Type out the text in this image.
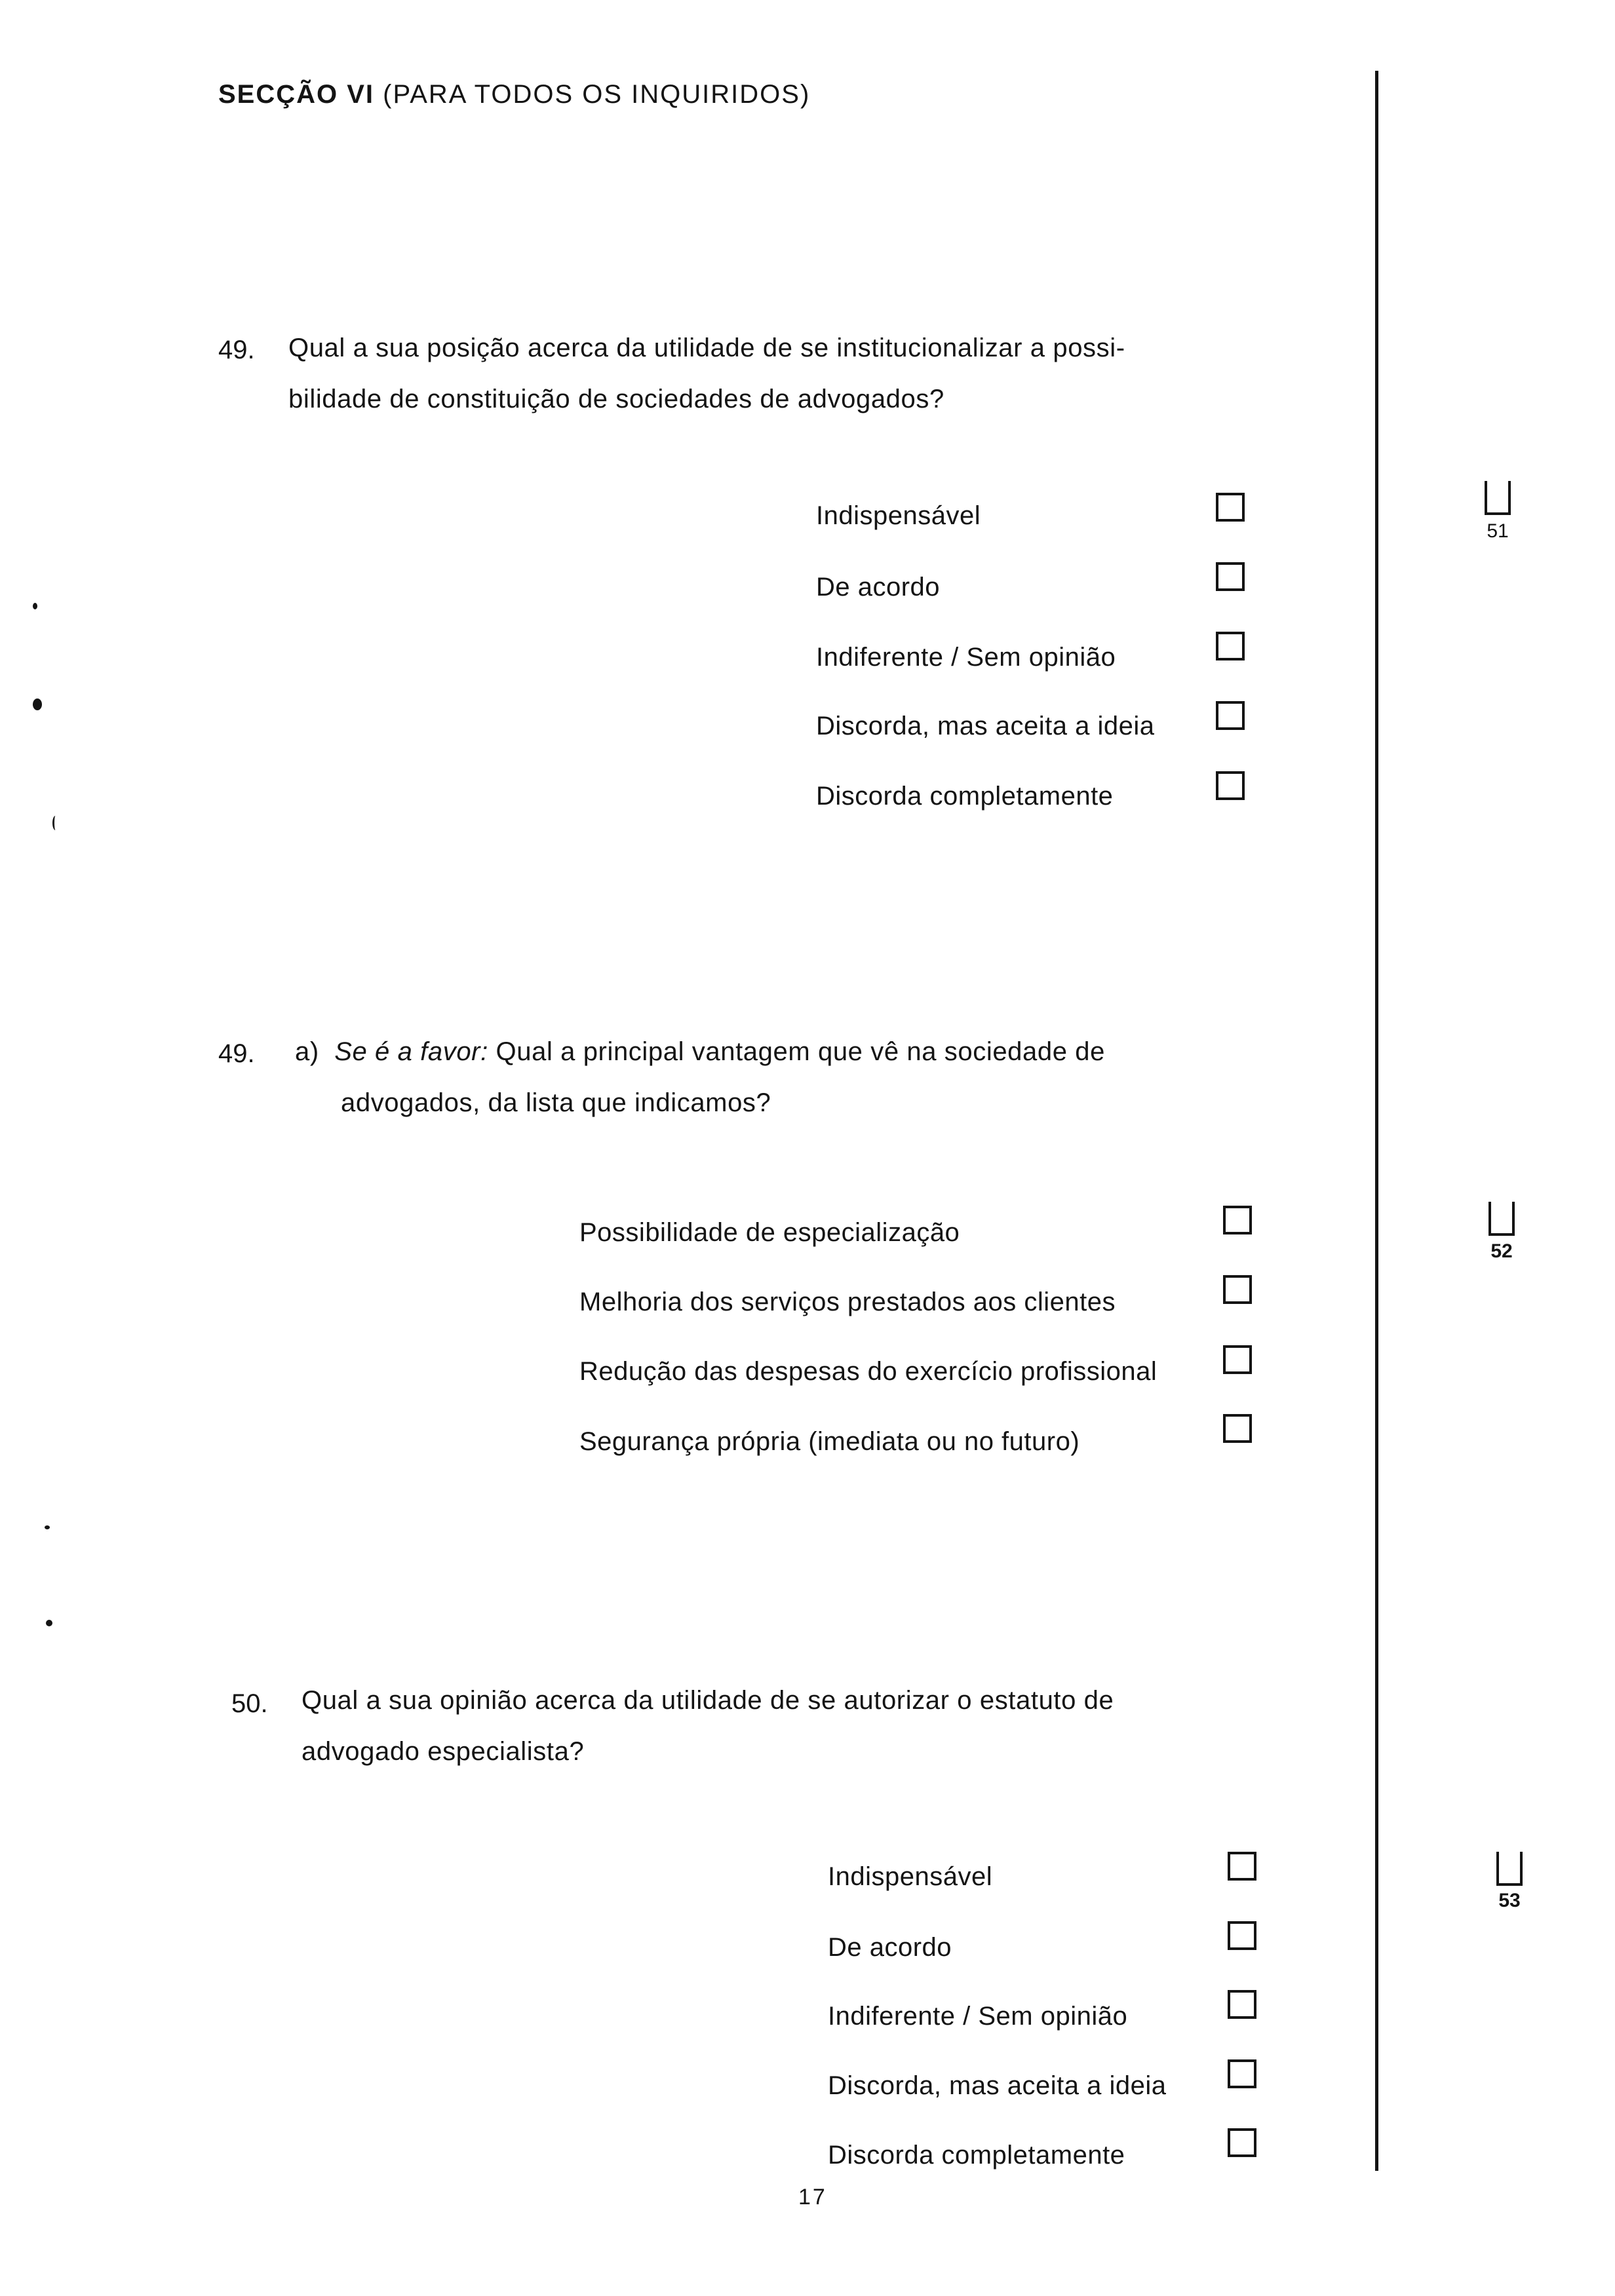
SECÇÃO VI (PARA TODOS OS INQUIRIDOS)
49. Qual a sua posição acerca da utilidade de se institucionalizar a possi-
bilidade de constituição de sociedades de advogados?
Indispensável
De acordo
Indiferente / Sem opinião
Discorda, mas aceita a ideia
Discorda completamente
49. a) Se é a favor: Qual a principal vantagem que vê na sociedade de
advogados, da lista que indicamos?
Possibilidade de especialização
Melhoria dos serviços prestados aos clientes
Redução das despesas do exercício profissional
Segurança própria (imediata ou no futuro)
50. Qual a sua opinião acerca da utilidade de se autorizar o estatuto de
advogado especialista?
Indispensável
De acordo
Indiferente / Sem opinião
Discorda, mas aceita a ideia
Discorda completamente
51
52
53
17
